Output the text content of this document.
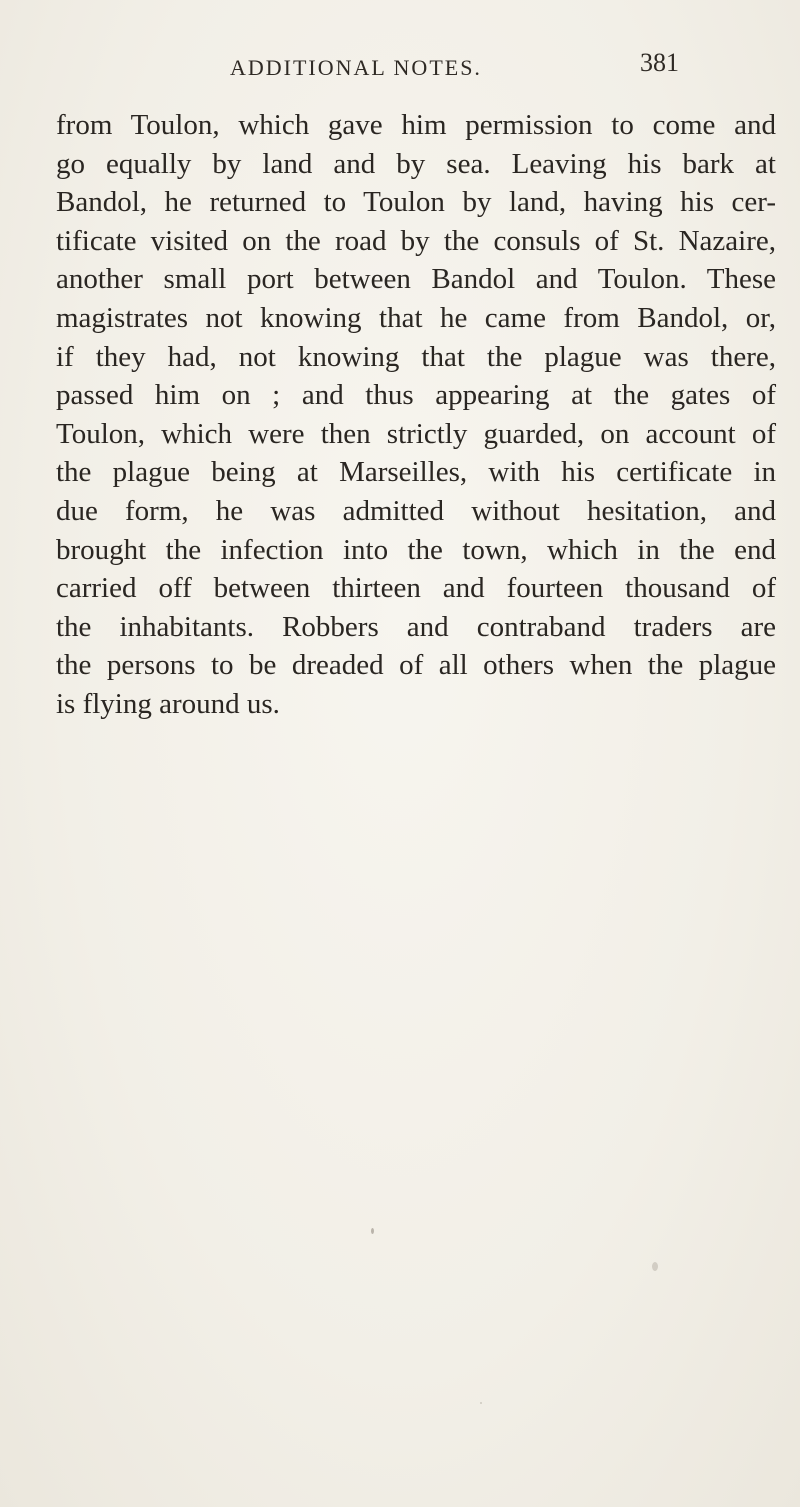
ADDITIONAL NOTES.	381
from Toulon, which gave him permission to come and
go equally by land and by sea. Leaving his bark at
Bandol, he returned to Toulon by land, having his cer-
tificate visited on the road by the consuls of St. Nazaire,
another small port between Bandol and Toulon. These
magistrates not knowing that he came from Bandol, or,
if they had, not knowing that the plague was there,
passed him on ; and thus appearing at the gates of
Toulon, which were then strictly guarded, on account of
the plague being at Marseilles, with his certificate in
due form, he was admitted without hesitation, and
brought the infection into the town, which in the end
carried off between thirteen and fourteen thousand of
the inhabitants. Robbers and contraband traders are
the persons to be dreaded of all others when the plague
is flying around us.
